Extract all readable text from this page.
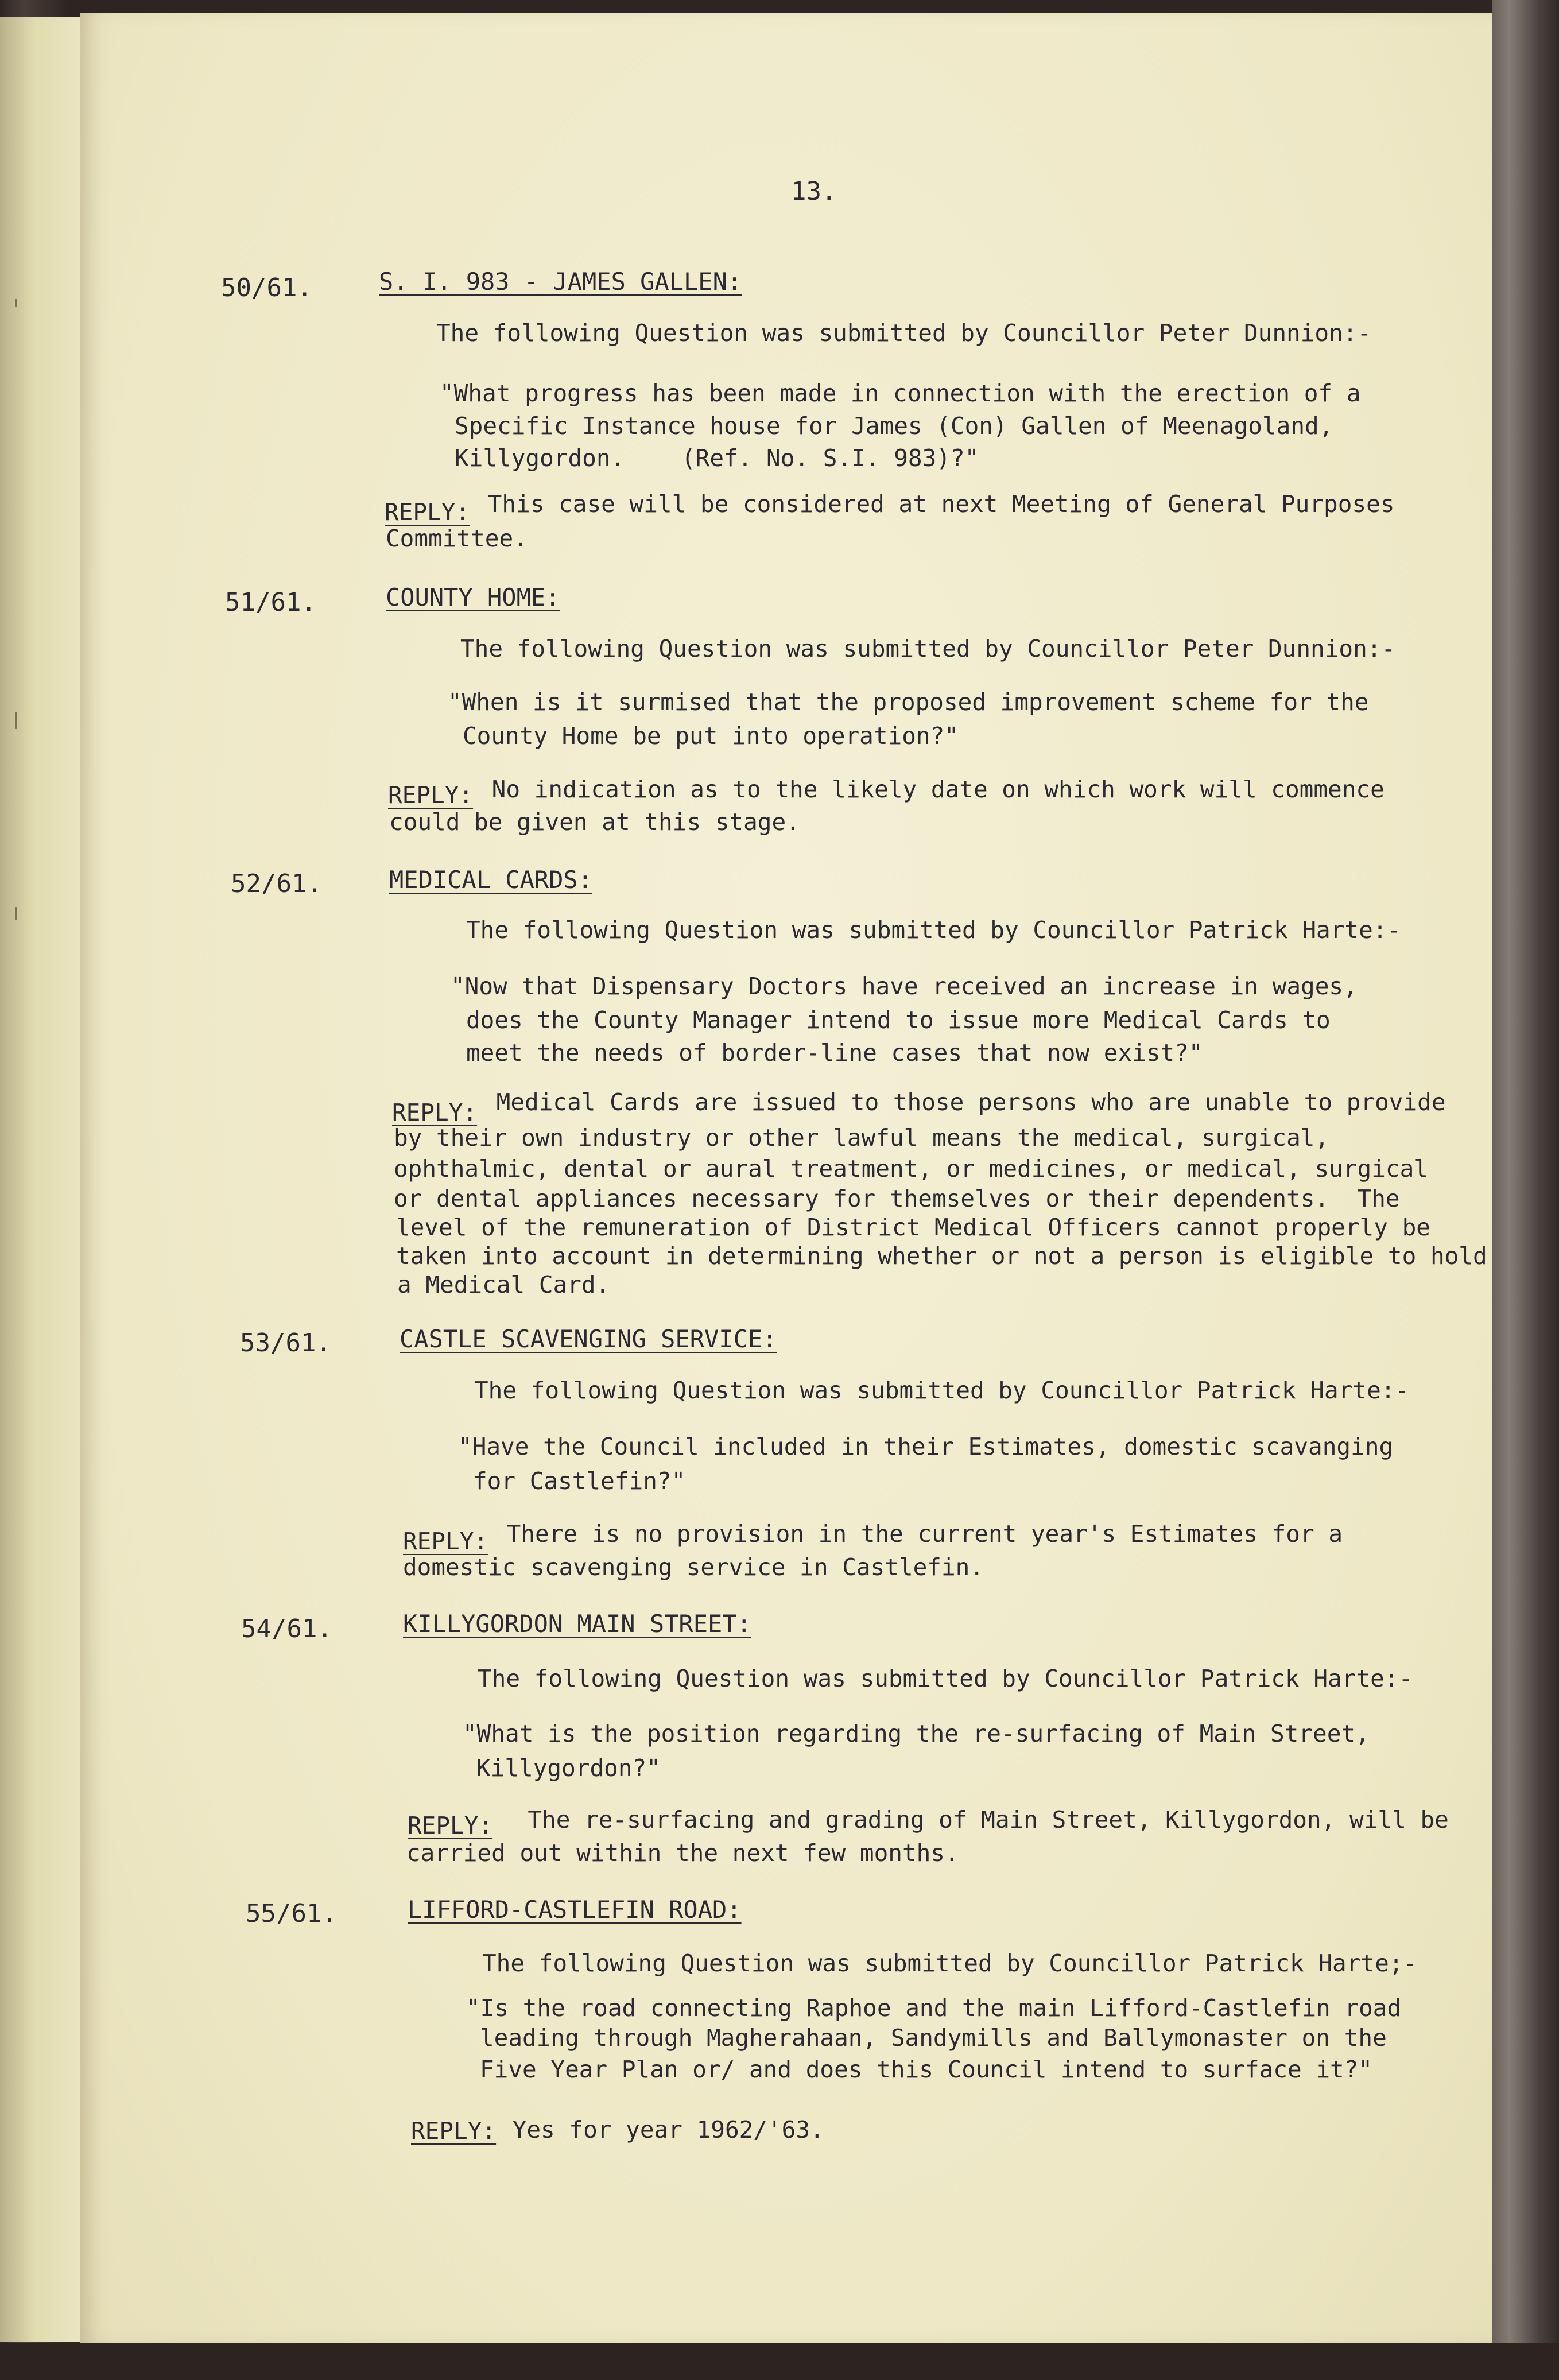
13.
50/61.	S. I. 983 - JAMES GALLEN:
The following Question was submitted by Councillor Peter Dunnion:-
"What progress has been made in connection with the erection of a
Specific Instance house for James (Con) Gallen of Meenagoland,
Killygordon.    (Ref. No. S.I. 983)?"
REPLY: This case will be considered at next Meeting of General Purposes
Committee.
51/61.	COUNTY HOME:
The following Question was submitted by Councillor Peter Dunnion:-
"When is it surmised that the proposed improvement scheme for the
County Home be put into operation?"
REPLY: No indication as to the likely date on which work will commence
could be given at this stage.
52/61.	MEDICAL CARDS:
The following Question was submitted by Councillor Patrick Harte:-
"Now that Dispensary Doctors have received an increase in wages,
does the County Manager intend to issue more Medical Cards to
meet the needs of border-line cases that now exist?"
REPLY: Medical Cards are issued to those persons who are unable to provide
by their own industry or other lawful means the medical, surgical,
ophthalmic, dental or aural treatment, or medicines, or medical, surgical
or dental appliances necessary for themselves or their dependents.  The
level of the remuneration of District Medical Officers cannot properly be
taken into account in determining whether or not a person is eligible to hold
a Medical Card.
53/61.	CASTLE SCAVENGING SERVICE:
The following Question was submitted by Councillor Patrick Harte:-
"Have the Council included in their Estimates, domestic scavanging
for Castlefin?"
REPLY: There is no provision in the current year's Estimates for a
domestic scavenging service in Castlefin.
54/61.	KILLYGORDON MAIN STREET:
The following Question was submitted by Councillor Patrick Harte:-
"What is the position regarding the re-surfacing of Main Street,
Killygordon?"
REPLY: The re-surfacing and grading of Main Street, Killygordon, will be
carried out within the next few months.
55/61.	LIFFORD-CASTLEFIN ROAD:
The following Question was submitted by Councillor Patrick Harte;-
"Is the road connecting Raphoe and the main Lifford-Castlefin road
leading through Magherahaan, Sandymills and Ballymonaster on the
Five Year Plan or/ and does this Council intend to surface it?"
REPLY: Yes for year 1962/'63.
